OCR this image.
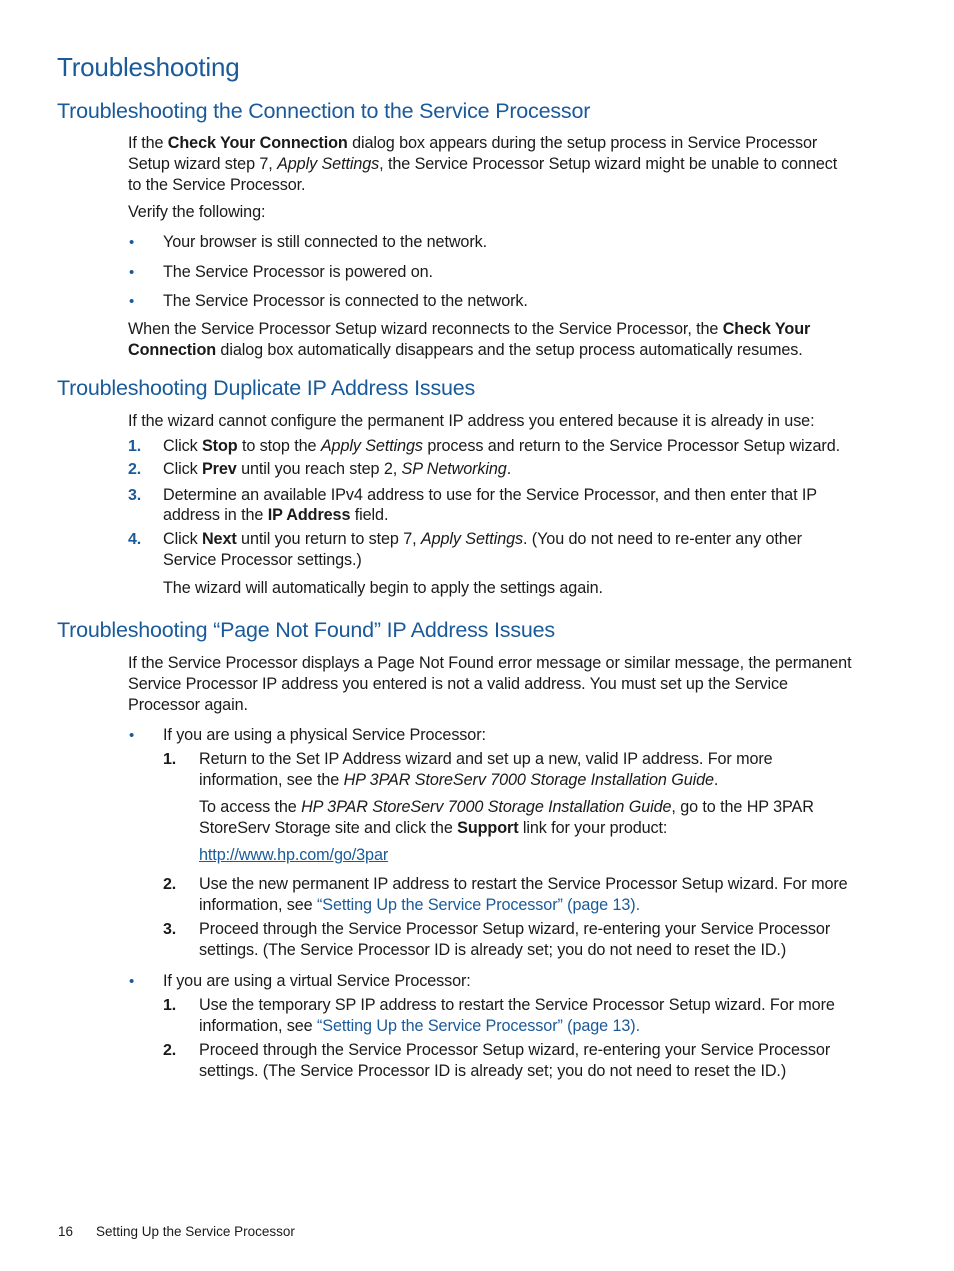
Troubleshooting
Troubleshooting the Connection to the Service Processor
If the Check Your Connection dialog box appears during the setup process in Service Processor
Setup wizard step 7, Apply Settings, the Service Processor Setup wizard might be unable to connect
to the Service Processor.
Verify the following:
• Your browser is still connected to the network.
• The Service Processor is powered on.
• The Service Processor is connected to the network.
When the Service Processor Setup wizard reconnects to the Service Processor, the Check Your
Connection dialog box automatically disappears and the setup process automatically resumes.
Troubleshooting Duplicate IP Address Issues
If the wizard cannot configure the permanent IP address you entered because it is already in use:
1. Click Stop to stop the Apply Settings process and return to the Service Processor Setup wizard.
2. Click Prev until you reach step 2, SP Networking.
3. Determine an available IPv4 address to use for the Service Processor, and then enter that IP
address in the IP Address field.
4. Click Next until you return to step 7, Apply Settings. (You do not need to re-enter any other
Service Processor settings.)
The wizard will automatically begin to apply the settings again.
Troubleshooting “Page Not Found” IP Address Issues
If the Service Processor displays a Page Not Found error message or similar message, the permanent
Service Processor IP address you entered is not a valid address. You must set up the Service
Processor again.
• If you are using a physical Service Processor:
1. Return to the Set IP Address wizard and set up a new, valid IP address. For more
information, see the HP 3PAR StoreServ 7000 Storage Installation Guide.
To access the HP 3PAR StoreServ 7000 Storage Installation Guide, go to the HP 3PAR
StoreServ Storage site and click the Support link for your product:
http://www.hp.com/go/3par
2. Use the new permanent IP address to restart the Service Processor Setup wizard. For more
information, see “Setting Up the Service Processor” (page 13).
3. Proceed through the Service Processor Setup wizard, re-entering your Service Processor
settings. (The Service Processor ID is already set; you do not need to reset the ID.)
• If you are using a virtual Service Processor:
1. Use the temporary SP IP address to restart the Service Processor Setup wizard. For more
information, see “Setting Up the Service Processor” (page 13).
2. Proceed through the Service Processor Setup wizard, re-entering your Service Processor
settings. (The Service Processor ID is already set; you do not need to reset the ID.)
16 Setting Up the Service Processor
